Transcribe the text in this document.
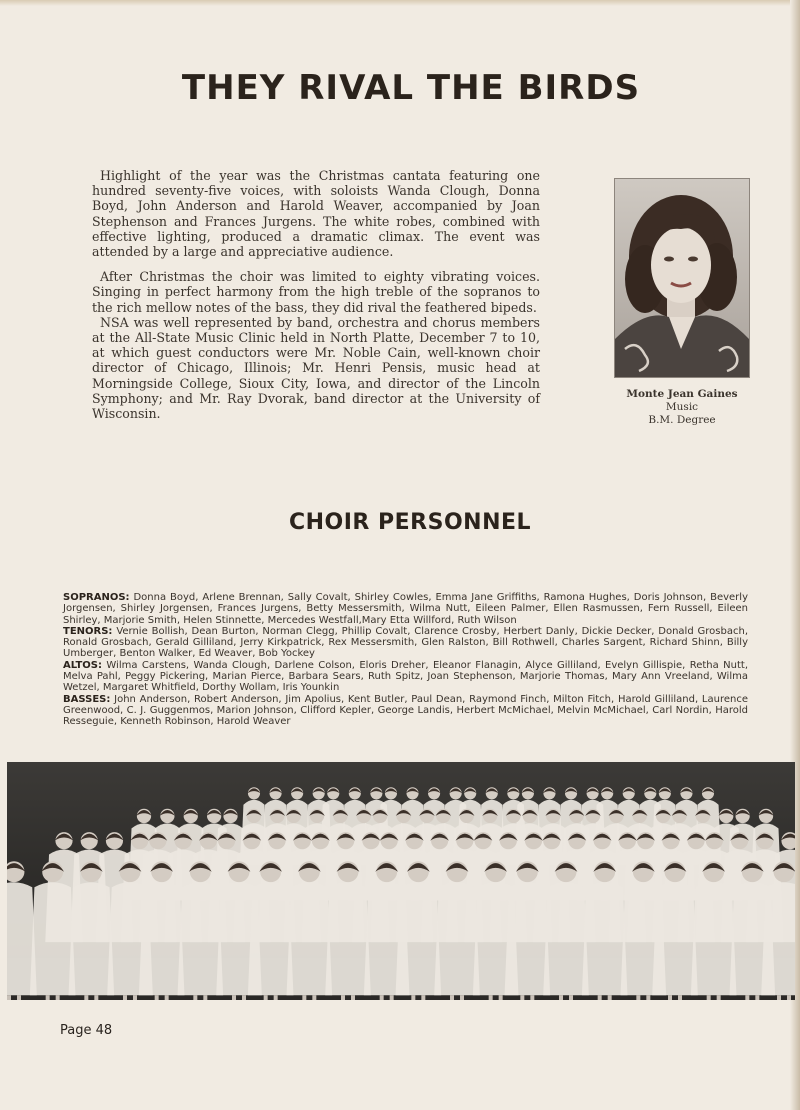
THEY RIVAL THE BIRDS

Highlight of the year was the Christmas cantata featuring one hundred seventy-five voices, with soloists Wanda Clough, Donna Boyd, John Anderson and Harold Weaver, accompanied by Joan Stephenson and Frances Jurgens. The white robes, combined with effective lighting, produced a dramatic climax. The event was attended by a large and appreciative audience.

After Christmas the choir was limited to eighty vibrating voices. Singing in perfect harmony from the high treble of the sopranos to the rich mellow notes of the bass, they did rival the feathered bipeds.

NSA was well represented by band, orchestra and chorus members at the All-State Music Clinic held in North Platte, December 7 to 10, at which guest conductors were Mr. Noble Cain, well-known choir director of Chicago, Illinois; Mr. Henri Pensis, music head at Morningside College, Sioux City, Iowa, and director of the Lincoln Symphony; and Mr. Ray Dvorak, band director at the University of Wisconsin.

Monte Jean Gaines
Music
B.M. Degree
CHOIR PERSONNEL

SOPRANOS: Donna Boyd, Arlene Brennan, Sally Covalt, Shirley Cowles, Emma Jane Griffiths, Ramona Hughes, Doris Johnson, Beverly Jorgensen, Shirley Jorgensen, Frances Jurgens, Betty Messersmith, Wilma Nutt, Eileen Palmer, Ellen Rasmussen, Fern Russell, Eileen Shirley, Marjorie Smith, Helen Stinnette, Mercedes Westfall,Mary Etta Willford, Ruth Wilson

TENORS: Vernie Bollish, Dean Burton, Norman Clegg, Phillip Covalt, Clarence Crosby, Herbert Danly, Dickie Decker, Donald Grosbach, Ronald Grosbach, Gerald Gilliland, Jerry Kirkpatrick, Rex Messersmith, Glen Ralston, Bill Rothwell, Charles Sargent, Richard Shinn, Billy Umberger, Benton Walker, Ed Weaver, Bob Yockey

ALTOS: Wilma Carstens, Wanda Clough, Darlene Colson, Eloris Dreher, Eleanor Flanagin, Alyce Gilliland, Evelyn Gillispie, Retha Nutt, Melva Pahl, Peggy Pickering, Marian Pierce, Barbara Sears, Ruth Spitz, Joan Stephenson, Marjorie Thomas, Mary Ann Vreeland, Wilma Wetzel, Margaret Whitfield, Dorthy Wollam, Iris Younkin

BASSES: John Anderson, Robert Anderson, Jim Apolius, Kent Butler, Paul Dean, Raymond Finch, Milton Fitch, Harold Gilliland, Laurence Greenwood, C. J. Guggenmos, Marion Johnson, Clifford Kepler, George Landis, Herbert McMichael, Melvin McMichael, Carl Nordin, Harold Resseguie, Kenneth Robinson, Harold Weaver

Page 48
